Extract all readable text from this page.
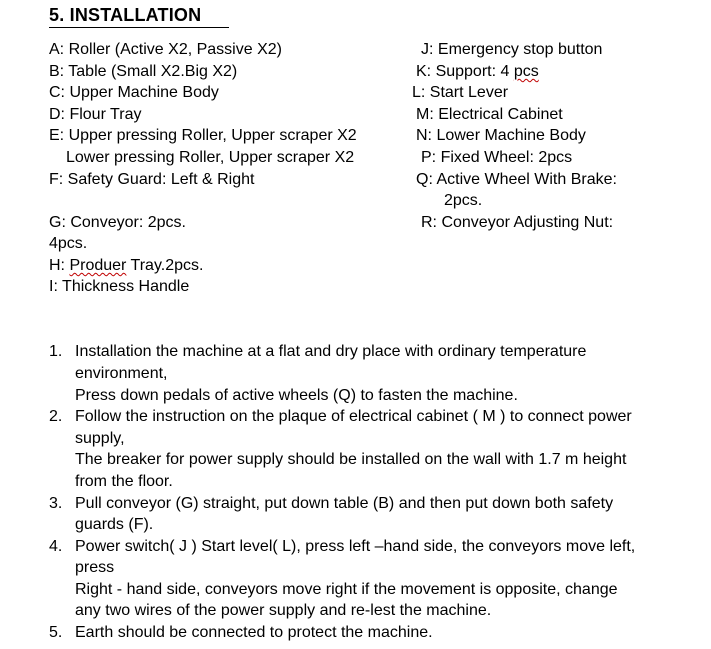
5. INSTALLATION
A: Roller (Active X2, Passive X2)
B: Table (Small X2.Big X2)
C: Upper Machine Body
D: Flour Tray
E: Upper pressing Roller, Upper scraper X2
Lower pressing Roller, Upper scraper X2
F: Safety Guard: Left & Right
G: Conveyor: 2pcs.
4pcs.
H: Produer Tray.2pcs.
I: Thickness Handle
J: Emergency stop button
K: Support: 4 pcs
L: Start Lever
M: Electrical Cabinet
N: Lower Machine Body
P: Fixed Wheel: 2pcs
Q: Active Wheel With Brake:
2pcs.
R: Conveyor Adjusting Nut:
1. Installation the machine at a flat and dry place with ordinary temperature
environment,
Press down pedals of active wheels (Q) to fasten the machine.
2. Follow the instruction on the plaque of electrical cabinet ( M ) to connect power
supply,
The breaker for power supply should be installed on the wall with 1.7 m height
from the floor.
3. Pull conveyor (G) straight, put down table (B) and then put down both safety
guards (F).
4. Power switch( J ) Start level( L), press left –hand side, the conveyors move left,
press
Right - hand side, conveyors move right if the movement is opposite, change
any two wires of the power supply and re-lest the machine.
5. Earth should be connected to protect the machine.
